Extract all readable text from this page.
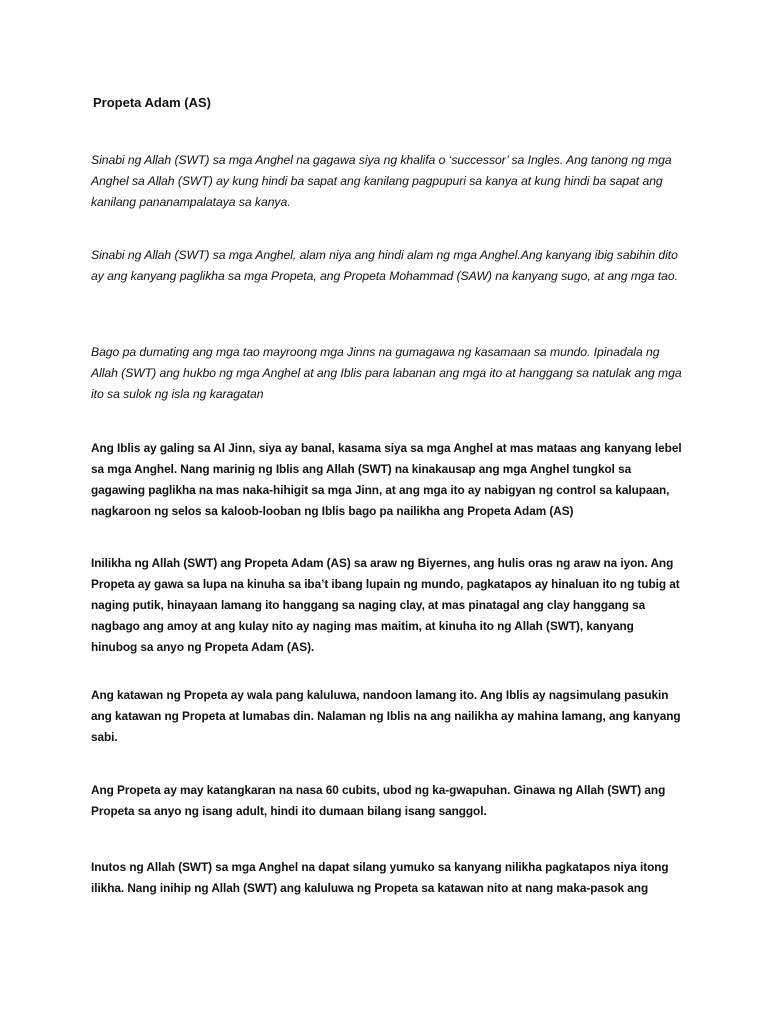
Propeta Adam (AS)

Sinabi ng Allah (SWT) sa mga Anghel na gagawa siya ng khalifa o ‘successor’ sa Ingles. Ang tanong ng mga Anghel sa Allah (SWT) ay kung hindi ba sapat ang kanilang pagpupuri sa kanya at kung hindi ba sapat ang kanilang pananampalataya sa kanya.

Sinabi ng Allah (SWT) sa mga Anghel, alam niya ang hindi alam ng mga Anghel.Ang kanyang ibig sabihin dito ay ang kanyang paglikha sa mga Propeta, ang Propeta Mohammad (SAW) na kanyang sugo, at ang mga tao.

Bago pa dumating ang mga tao mayroong mga Jinns na gumagawa ng kasamaan sa mundo. Ipinadala ng Allah (SWT) ang hukbo ng mga Anghel at ang Iblis para labanan ang mga ito at hanggang sa natulak ang mga ito sa sulok ng isla ng karagatan

Ang Iblis ay galing sa Al Jinn, siya ay banal, kasama siya sa mga Anghel at mas mataas ang kanyang lebel sa mga Anghel. Nang marinig ng Iblis ang Allah (SWT) na kinakausap ang mga Anghel tungkol sa gagawing paglikha na mas naka-hihigit sa mga Jinn, at ang mga ito ay nabigyan ng control sa kalupaan, nagkaroon ng selos sa kaloob-looban ng Iblis bago pa nailikha ang Propeta Adam (AS)

Inilikha ng Allah (SWT) ang Propeta Adam (AS) sa araw ng Biyernes, ang hulis oras ng araw na iyon. Ang Propeta ay gawa sa lupa na kinuha sa iba’t ibang lupain ng mundo, pagkatapos ay hinaluan ito ng tubig at naging putik, hinayaan lamang ito hanggang sa naging clay, at mas pinatagal ang clay hanggang sa nagbago ang amoy at ang kulay nito ay naging mas maitim, at kinuha ito ng Allah (SWT), kanyang hinubog sa anyo ng Propeta Adam (AS).

Ang katawan ng Propeta ay wala pang kaluluwa, nandoon lamang ito. Ang Iblis ay nagsimulang pasukin ang katawan ng Propeta at lumabas din. Nalaman ng Iblis na ang nailikha ay mahina lamang, ang kanyang sabi.

Ang Propeta ay may katangkaran na nasa 60 cubits, ubod ng ka-gwapuhan. Ginawa ng Allah (SWT) ang Propeta sa anyo ng isang adult, hindi ito dumaan bilang isang sanggol.

Inutos ng Allah (SWT) sa mga Anghel na dapat silang yumuko sa kanyang nilikha pagkatapos niya itong ilikha. Nang inihip ng Allah (SWT) ang kaluluwa ng Propeta sa katawan nito at nang maka-pasok ang
